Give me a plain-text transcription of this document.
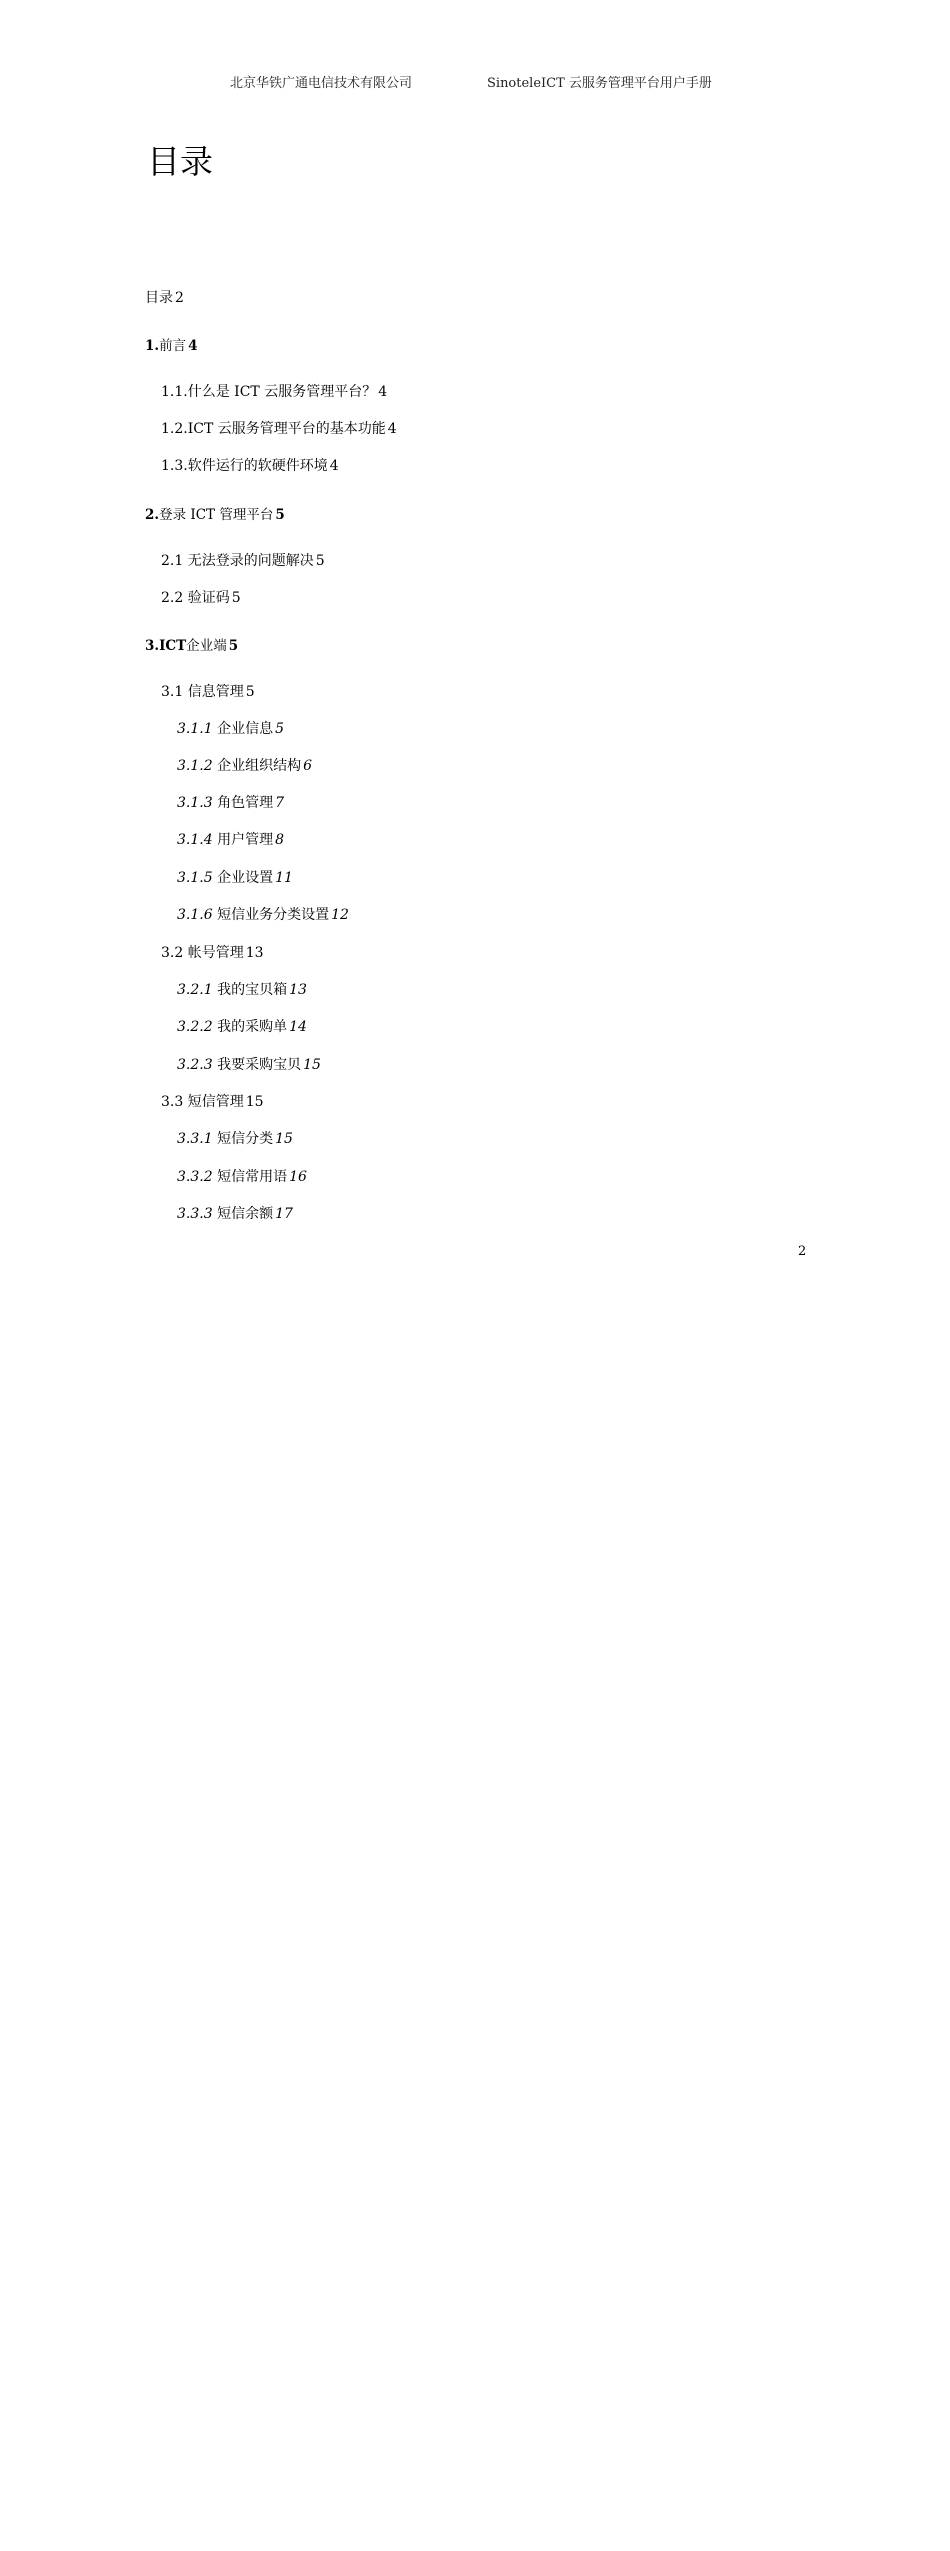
北京华铁广通电信技术有限公司	SinoteleICT 云服务管理平台用户手册
目录
目录 2
1. 前言 4
1.1. 什么是 ICT 云服务管理平台？ 4
1.2. ICT 云服务管理平台的基本功能 4
1.3. 软件运行的软硬件环境 4
2. 登录 ICT 管理平台 5
2.1
无法登录的问题解决 5
2.2
验证码 5
3.ICT 企业端 5
3.1
信息管理 5
3.1.1
企业信息 5
3.1.2
企业组织结构 6
3.1.3
角色管理 7
3.1.4
用户管理 8
3.1.5
企业设置 11
3.1.6
短信业务分类设置 12
3.2
帐号管理 13
3.2.1
我的宝贝箱 13
3.2.2
我的采购单 14
3.2.3
我要采购宝贝 15
3.3
短信管理 15
3.3.1
短信分类 15
3.3.2
短信常用语 16
3.3.3
短信余额 17
2
